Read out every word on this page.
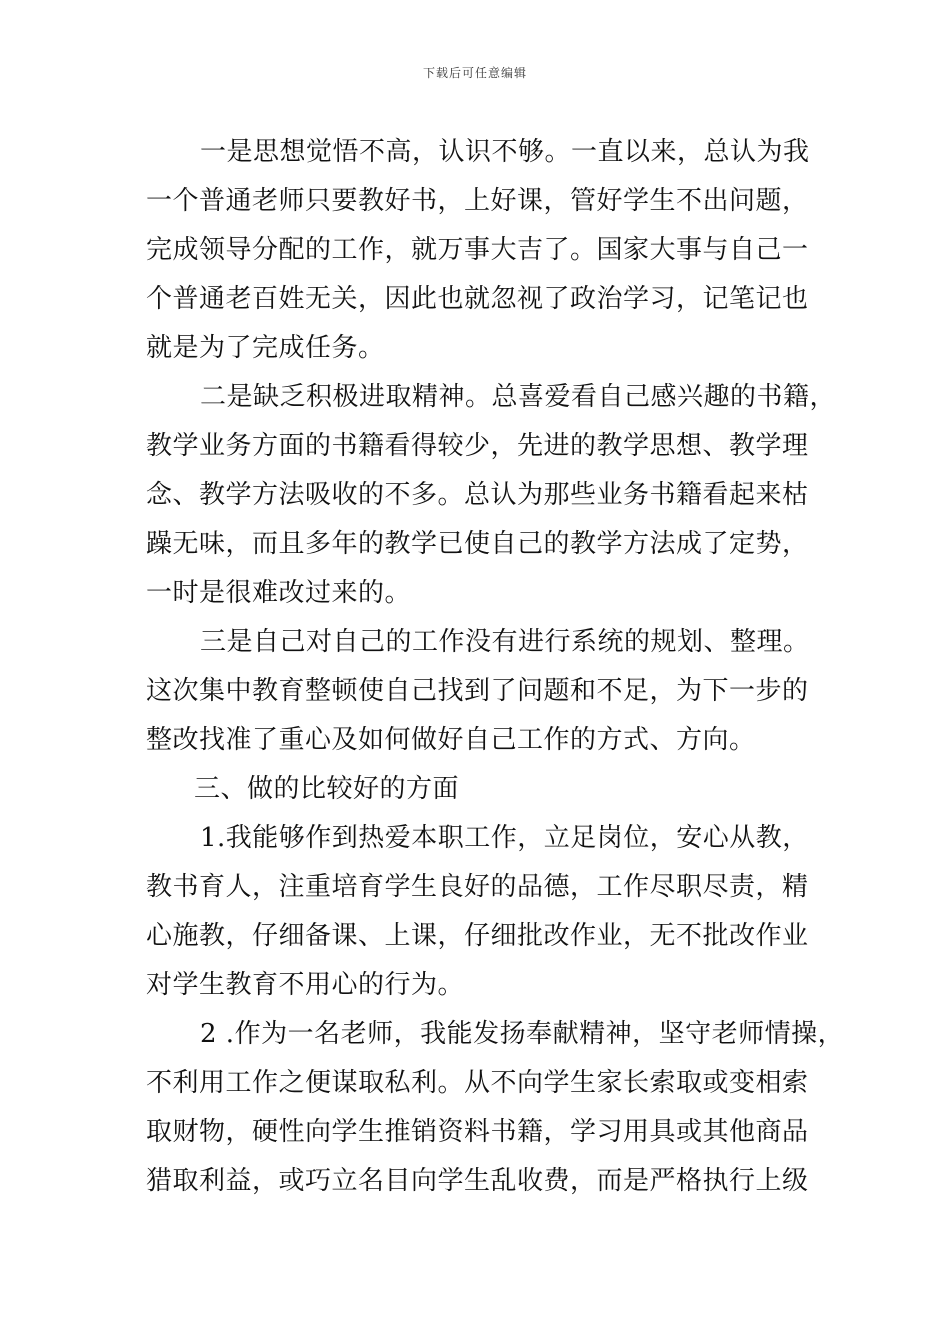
下载后可任意编辑
一是思想觉悟不高，认识不够。一直以来，总认为我
一个普通老师只要教好书，上好课，管好学生不出问题，
完成领导分配的工作，就万事大吉了。国家大事与自己一
个普通老百姓无关，因此也就忽视了政治学习，记笔记也
就是为了完成任务。
二是缺乏积极进取精神。总喜爱看自己感兴趣的书籍，
教学业务方面的书籍看得较少，先进的教学思想、教学理
念、教学方法吸收的不多。总认为那些业务书籍看起来枯
躁无味，而且多年的教学已使自己的教学方法成了定势，
一时是很难改过来的。
三是自己对自己的工作没有进行系统的规划、整理。
这次集中教育整顿使自己找到了问题和不足，为下一步的
整改找准了重心及如何做好自己工作的方式、方向。
三、做的比较好的方面
1.我能够作到热爱本职工作，立足岗位，安心从教，
教书育人，注重培育学生良好的品德，工作尽职尽责，精
心施教，仔细备课、上课，仔细批改作业，无不批改作业
对学生教育不用心的行为。
2 .作为一名老师，我能发扬奉献精神，坚守老师情操，
不利用工作之便谋取私利。从不向学生家长索取或变相索
取财物，硬性向学生推销资料书籍，学习用具或其他商品
猎取利益，或巧立名目向学生乱收费，而是严格执行上级
